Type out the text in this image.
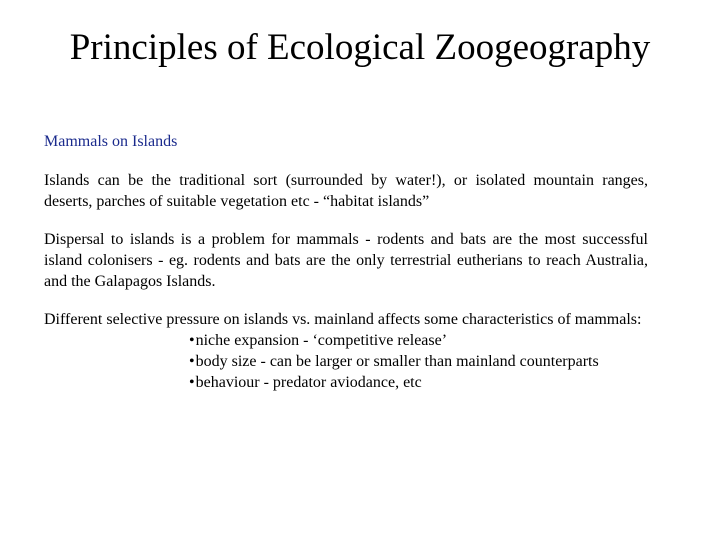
Principles of Ecological Zoogeography

Mammals on Islands

Islands can be the traditional sort (surrounded by water!), or isolated mountain ranges, deserts, parches of suitable vegetation etc - “habitat islands”

Dispersal to islands is a problem for mammals - rodents and bats are the most successful island colonisers - eg. rodents and bats are the only terrestrial eutherians to reach Australia, and the Galapagos Islands.

Different selective pressure on islands vs. mainland affects some characteristics of mammals:

•niche expansion - ‘competitive release’
•body size - can be larger or smaller than mainland counterparts
•behaviour - predator aviodance, etc
